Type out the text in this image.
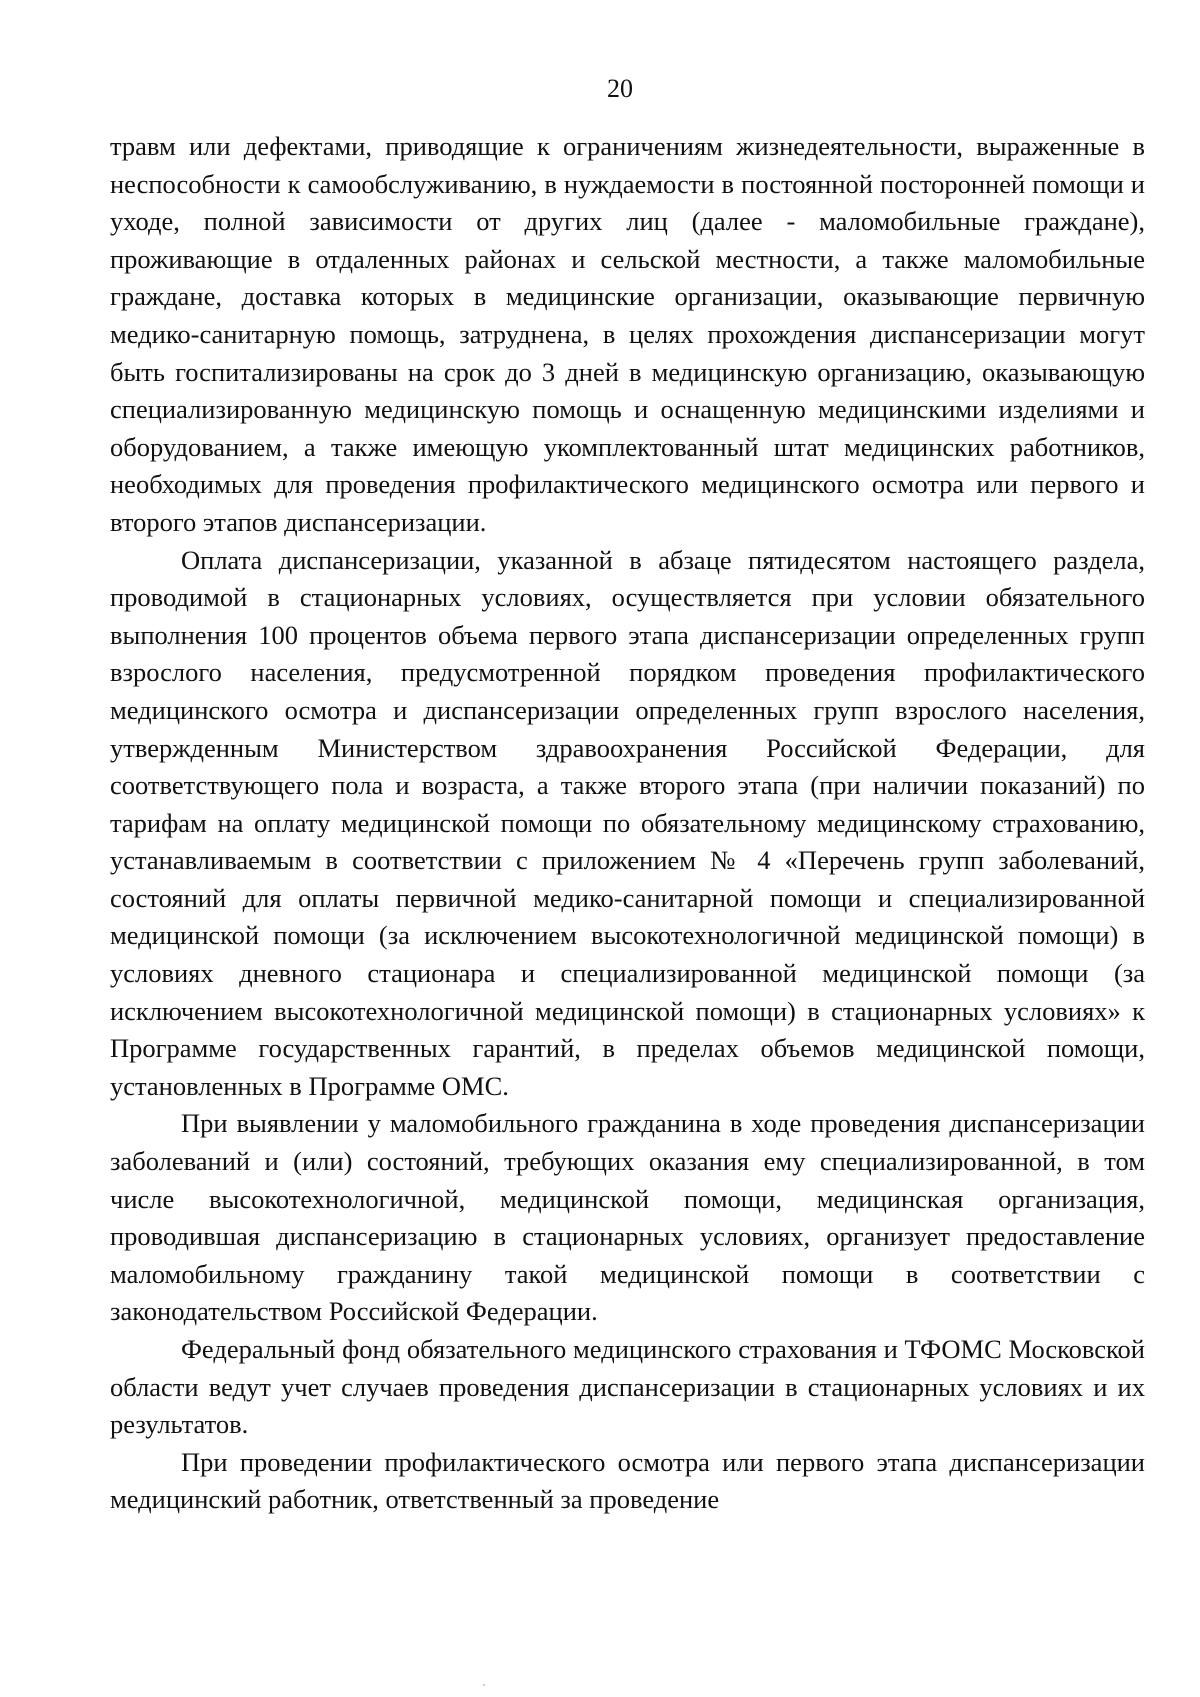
20

травм или дефектами, приводящие к ограничениям жизнедеятельности, выраженные в неспособности к самообслуживанию, в нуждаемости в постоянной посторонней помощи и уходе, полной зависимости от других лиц (далее - маломобильные граждане), проживающие в отдаленных районах и сельской местности, а также маломобильные граждане, доставка которых в медицинские организации, оказывающие первичную медико-санитарную помощь, затруднена, в целях прохождения диспансеризации могут быть госпитализированы на срок до 3 дней в медицинскую организацию, оказывающую специализированную медицинскую помощь и оснащенную медицинскими изделиями и оборудованием, а также имеющую укомплектованный штат медицинских работников, необходимых для проведения профилактического медицинского осмотра или первого и второго этапов диспансеризации.

Оплата диспансеризации, указанной в абзаце пятидесятом настоящего раздела, проводимой в стационарных условиях, осуществляется при условии обязательного выполнения 100 процентов объема первого этапа диспансеризации определенных групп взрослого населения, предусмотренной порядком проведения профилактического медицинского осмотра и диспансеризации определенных групп взрослого населения, утвержденным Министерством здравоохранения Российской Федерации, для соответствующего пола и возраста, а также второго этапа (при наличии показаний) по тарифам на оплату медицинской помощи по обязательному медицинскому страхованию, устанавливаемым в соответствии с приложением № 4 «Перечень групп заболеваний, состояний для оплаты первичной медико-санитарной помощи и специализированной медицинской помощи (за исключением высокотехнологичной медицинской помощи) в условиях дневного стационара и специализированной медицинской помощи (за исключением высокотехнологичной медицинской помощи) в стационарных условиях» к Программе государственных гарантий, в пределах объемов медицинской помощи, установленных в Программе ОМС.

При выявлении у маломобильного гражданина в ходе проведения диспансеризации заболеваний и (или) состояний, требующих оказания ему специализированной, в том числе высокотехнологичной, медицинской помощи, медицинская организация, проводившая диспансеризацию в стационарных условиях, организует предоставление маломобильному гражданину такой медицинской помощи в соответствии с законодательством Российской Федерации.

Федеральный фонд обязательного медицинского страхования и ТФОМС Московской области ведут учет случаев проведения диспансеризации в стационарных условиях и их результатов.

При проведении профилактического осмотра или первого этапа диспансеризации медицинский работник, ответственный за проведение
